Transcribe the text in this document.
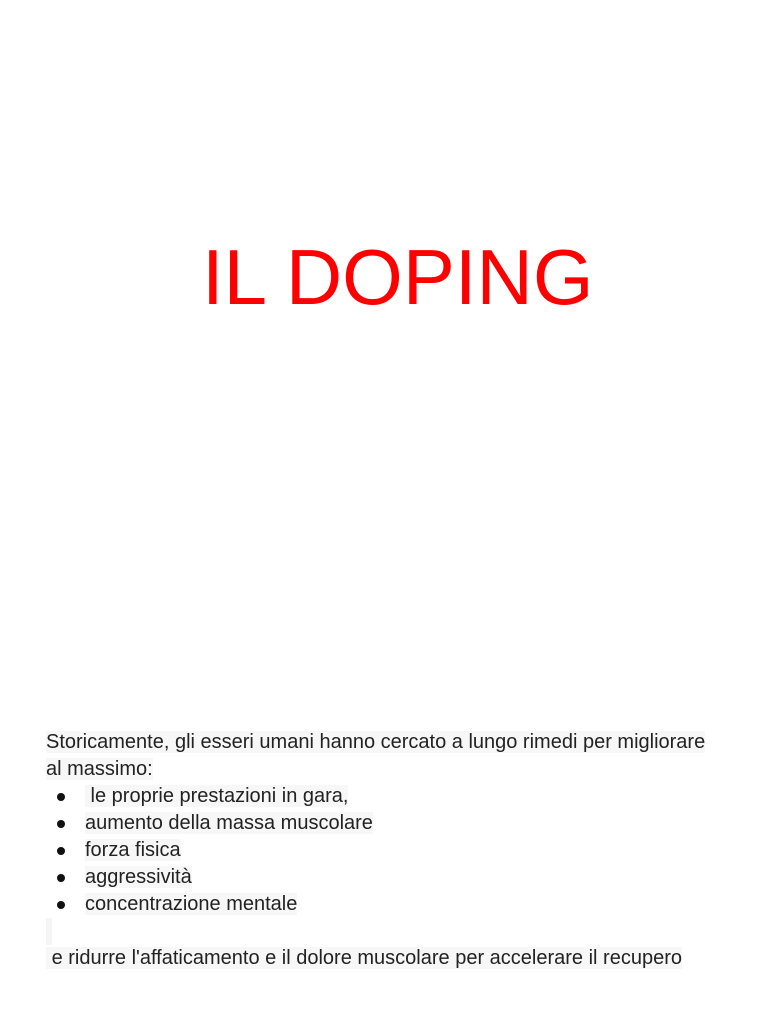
IL DOPING

Storicamente, gli esseri umani hanno cercato a lungo rimedi per migliorare al massimo:

le proprie prestazioni in gara,
aumento della massa muscolare
forza fisica
aggressività
concentrazione mentale

e ridurre l'affaticamento e il dolore muscolare per accelerare il recupero
